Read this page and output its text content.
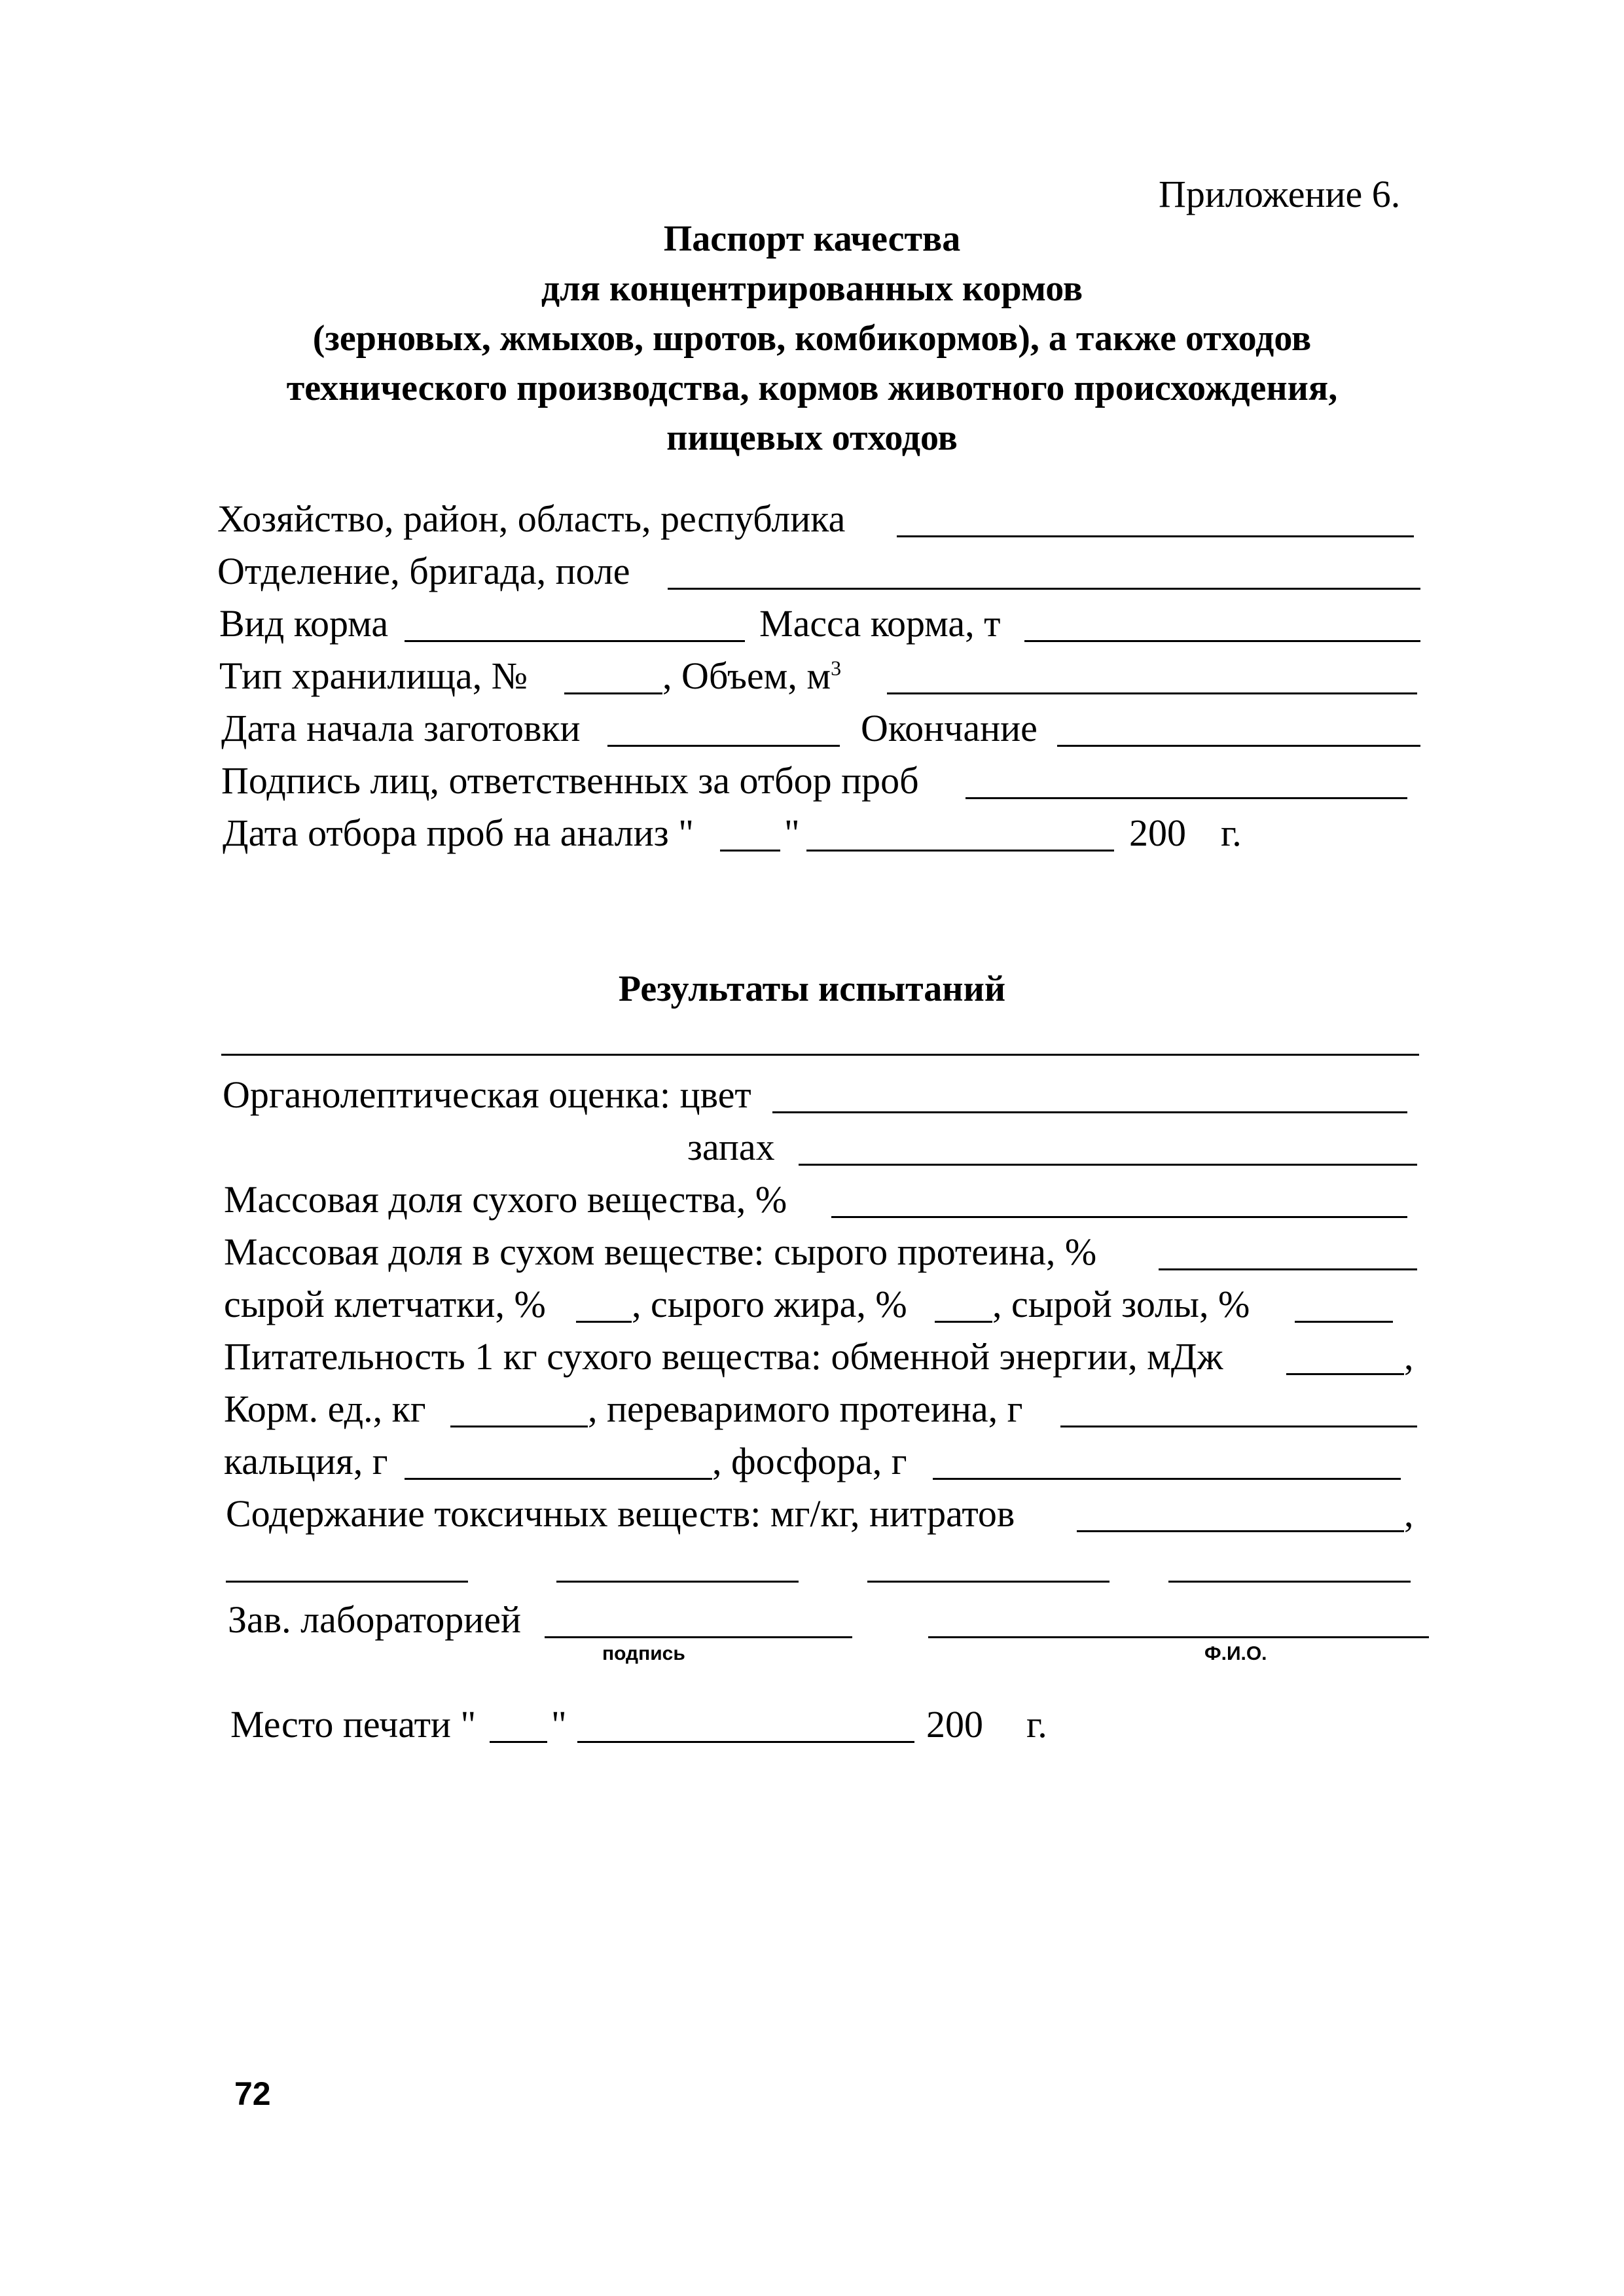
Приложение 6.
Паспорт качества
для концентрированных кормов
(зерновых, жмыхов, шротов, комбикормов), а также отходов
технического производства, кормов животного происхождения,
пищевых отходов
Хозяйство, район, область, республика
Отделение, бригада, поле
Вид корма	Масса корма, т
Тип хранилища, №	, Объем, $м^3$
Дата начала заготовки	Окончание
Подпись лиц, ответственных за отбор проб
Дата отбора проб на анализ " "	200 г.
Результаты испытаний
Органолептическая оценка: цвет
запах
Массовая доля сухого вещества, %
Массовая доля в сухом веществе: сырого протеина, %
сырой клетчатки, % , сырого жира, % , сырой золы, %
Питательность 1 кг сухого вещества: обменной энергии, мДж	,
Корм. ед., кг	, переваримого протеина, г
кальция, г	, фосфора, г
Содержание токсичных веществ: мг/кг, нитратов	,
Зав. лабораторией
подпись	Ф.И.О.
Место печати " "	200 г.
72
